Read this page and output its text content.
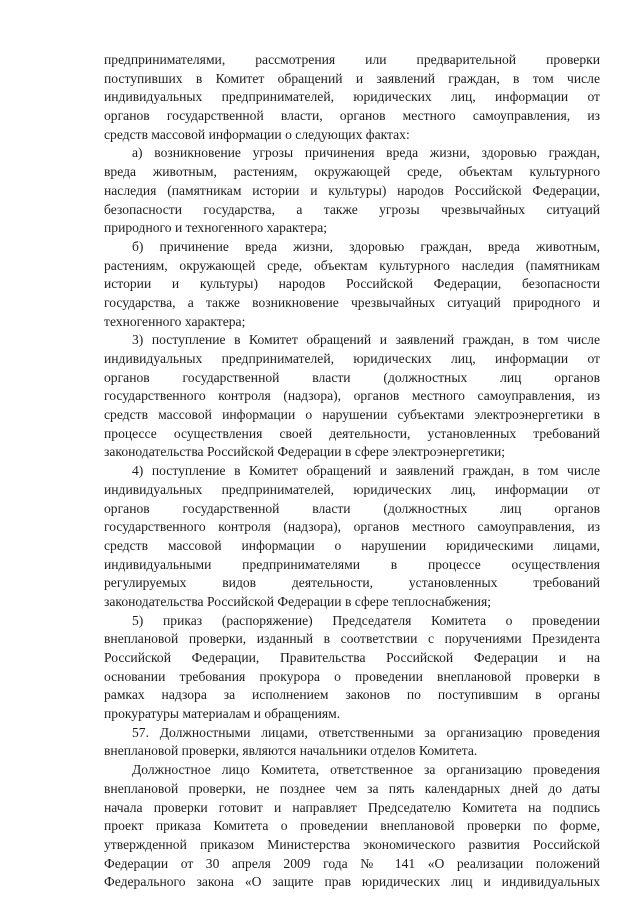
предпринимателями, рассмотрения или предварительной проверки
поступивших в Комитет обращений и заявлений граждан, в том числе
индивидуальных предпринимателей, юридических лиц, информации от
органов государственной власти, органов местного самоуправления, из
средств массовой информации о следующих фактах:
а) возникновение угрозы причинения вреда жизни, здоровью граждан,
вреда животным, растениям, окружающей среде, объектам культурного
наследия (памятникам истории и культуры) народов Российской Федерации,
безопасности государства, а также угрозы чрезвычайных ситуаций
природного и техногенного характера;
б) причинение вреда жизни, здоровью граждан, вреда животным,
растениям, окружающей среде, объектам культурного наследия (памятникам
истории и культуры) народов Российской Федерации, безопасности
государства, а также возникновение чрезвычайных ситуаций природного и
техногенного характера;
3) поступление в Комитет обращений и заявлений граждан, в том числе
индивидуальных предпринимателей, юридических лиц, информации от
органов государственной власти (должностных лиц органов
государственного контроля (надзора), органов местного самоуправления, из
средств массовой информации о нарушении субъектами электроэнергетики в
процессе осуществления своей деятельности, установленных требований
законодательства Российской Федерации в сфере электроэнергетики;
4) поступление в Комитет обращений и заявлений граждан, в том числе
индивидуальных предпринимателей, юридических лиц, информации от
органов государственной власти (должностных лиц органов
государственного контроля (надзора), органов местного самоуправления, из
средств массовой информации о нарушении юридическими лицами,
индивидуальными предпринимателями в процессе осуществления
регулируемых видов деятельности, установленных требований
законодательства Российской Федерации в сфере теплоснабжения;
5) приказ (распоряжение) Председателя Комитета о проведении
внеплановой проверки, изданный в соответствии с поручениями Президента
Российской Федерации, Правительства Российской Федерации и на
основании требования прокурора о проведении внеплановой проверки в
рамках надзора за исполнением законов по поступившим в органы
прокуратуры материалам и обращениям.
57. Должностными лицами, ответственными за организацию проведения
внеплановой проверки, являются начальники отделов Комитета.
Должностное лицо Комитета, ответственное за организацию проведения
внеплановой проверки, не позднее чем за пять календарных дней до даты
начала проверки готовит и направляет Председателю Комитета на подпись
проект приказа Комитета о проведении внеплановой проверки по форме,
утвержденной приказом Министерства экономического развития Российской
Федерации от 30 апреля 2009 года № 141 «О реализации положений
Федерального закона «О защите прав юридических лиц и индивидуальных
